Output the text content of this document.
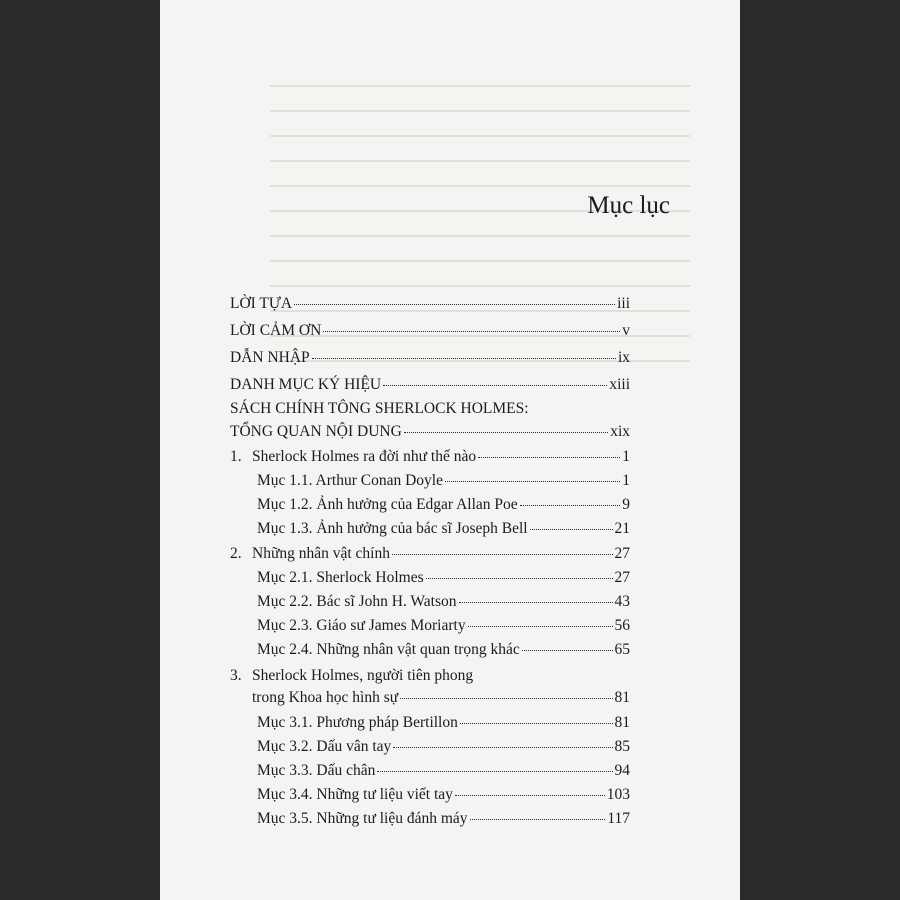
Mục lục
LỜI TỰA	iii
LỜI CẢM ƠN	v
DẪN NHẬP	ix
DANH MỤC KÝ HIỆU	xiii
SÁCH CHÍNH TÔNG SHERLOCK HOLMES:
TỔNG QUAN NỘI DUNG	xix
1. Sherlock Holmes ra đời như thế nào	1
Mục 1.1. Arthur Conan Doyle	1
Mục 1.2. Ảnh hưởng của Edgar Allan Poe	9
Mục 1.3. Ảnh hưởng của bác sĩ Joseph Bell	21
2. Những nhân vật chính	27
Mục 2.1. Sherlock Holmes	27
Mục 2.2. Bác sĩ John H. Watson	43
Mục 2.3. Giáo sư James Moriarty	56
Mục 2.4. Những nhân vật quan trọng khác	65
3. Sherlock Holmes, người tiên phong
trong Khoa học hình sự	81
Mục 3.1. Phương pháp Bertillon	81
Mục 3.2. Dấu vân tay	85
Mục 3.3. Dấu chân	94
Mục 3.4. Những tư liệu viết tay	103
Mục 3.5. Những tư liệu đánh máy	117
